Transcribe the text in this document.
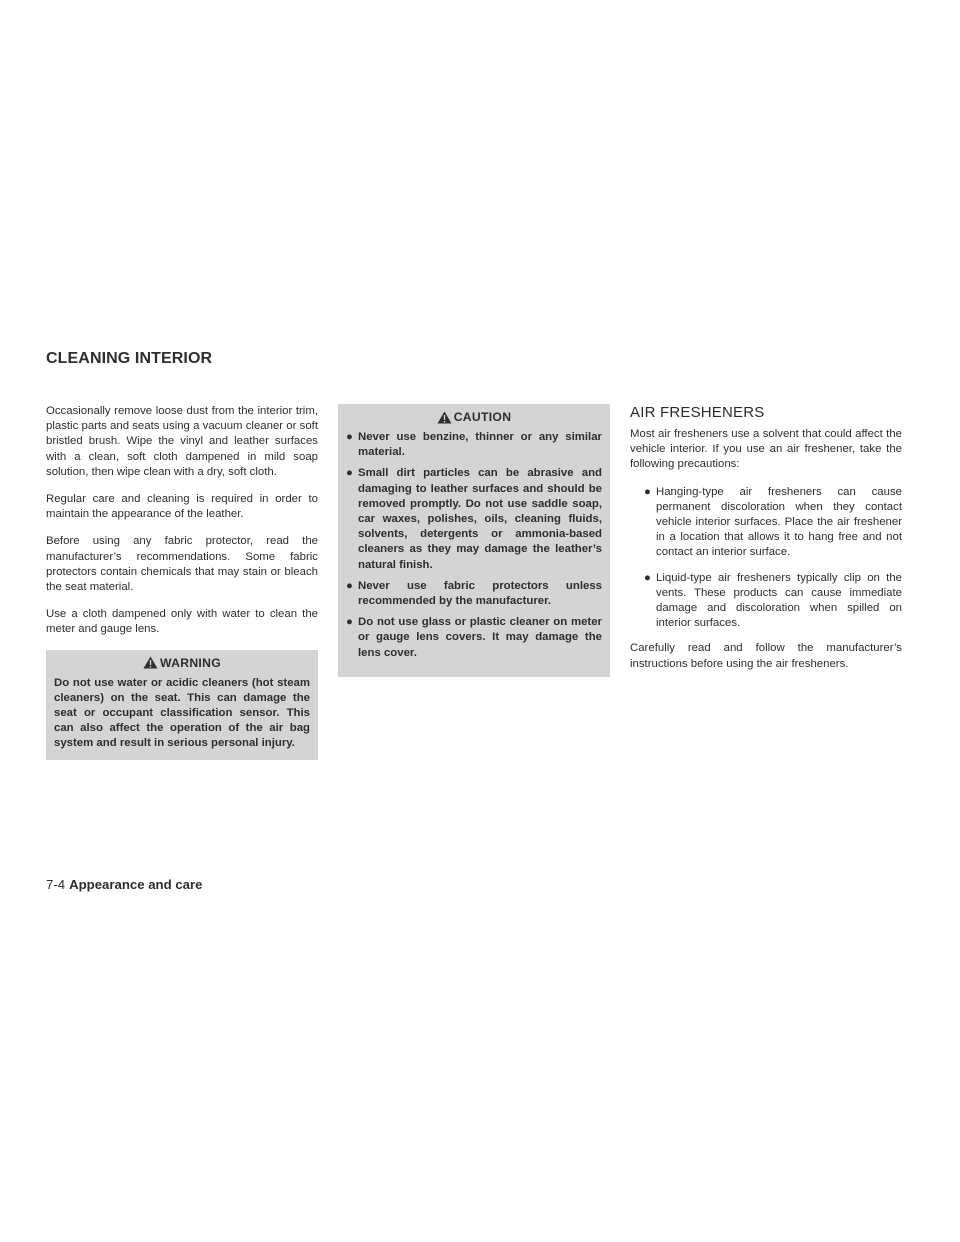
CLEANING INTERIOR

Occasionally remove loose dust from the interior trim, plastic parts and seats using a vacuum cleaner or soft bristled brush. Wipe the vinyl and leather surfaces with a clean, soft cloth dampened in mild soap solution, then wipe clean with a dry, soft cloth.

Regular care and cleaning is required in order to maintain the appearance of the leather.

Before using any fabric protector, read the manufacturer’s recommendations. Some fabric protectors contain chemicals that may stain or bleach the seat material.

Use a cloth dampened only with water to clean the meter and gauge lens.

WARNING

Do not use water or acidic cleaners (hot steam cleaners) on the seat. This can damage the seat or occupant classification sensor. This can also affect the operation of the air bag system and result in serious personal injury.

CAUTION
● Never use benzine, thinner or any similar material.
● Small dirt particles can be abrasive and damaging to leather surfaces and should be removed promptly. Do not use saddle soap, car waxes, polishes, oils, cleaning fluids, solvents, detergents or ammonia-based cleaners as they may damage the leather’s natural finish.
● Never use fabric protectors unless recommended by the manufacturer.
● Do not use glass or plastic cleaner on meter or gauge lens covers. It may damage the lens cover.
AIR FRESHENERS

Most air fresheners use a solvent that could affect the vehicle interior. If you use an air freshener, take the following precautions:

● Hanging-type air fresheners can cause permanent discoloration when they contact vehicle interior surfaces. Place the air freshener in a location that allows it to hang free and not contact an interior surface.
● Liquid-type air fresheners typically clip on the vents. These products can cause immediate damage and discoloration when spilled on interior surfaces.

Carefully read and follow the manufacturer’s instructions before using the air fresheners.

7-4 Appearance and care
